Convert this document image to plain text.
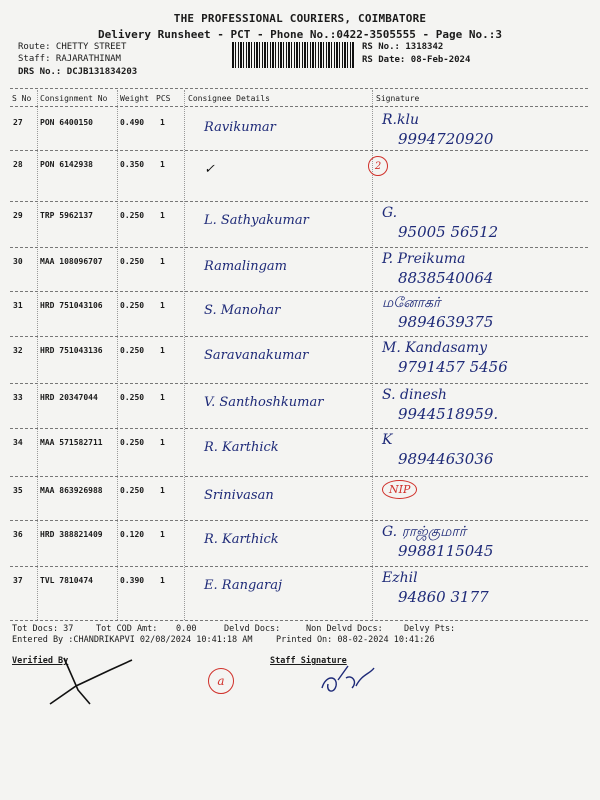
THE PROFESSIONAL COURIERS, COIMBATORE
Delivery Runsheet - PCT - Phone No.:0422-3505555 - Page No.:3
Route: CHETTY STREET
Staff: RAJARATHINAM
DRS No.: DCJB131834203
RS No.: 1318342
RS Date: 08-Feb-2024
S No Consignment No Weight PCS Consignee Details	Signature
27 PON 6400150	0.490 1	Ravikumar	R.klu
9994720920
28 PON 6142938	0.350 1	✓
29 TRP 5962137	0.250 1	L. Sathyakumar	G.
95005 56512
30 MAA 108096707 0.250 1	Ramalingam	P. Preikuma
8838540064
31 HRD 751043106 0.250 1	S. Manohar	மனோகர்
9894639375
32 HRD 751043136 0.250 1	Saravanakumar	M. Kandasamy
9791457 5456
33 HRD 20347044	0.250 1	V. Santhoshkumar	S. dinesh
9944518959.
34 MAA 571582711 0.250 1	R. Karthick	K
9894463036
35 MAA 863926988 0.250 1	Srinivasan	NIP
36 HRD 388821409 0.120 1	R. Karthick	G. ராஜ்குமார்
9988115045
37 TVL 7810474	0.390 1	E. Rangaraj	Ezhil
94860 3177
Tot Docs: 37	Tot COD Amt: 0.00	Delvd Docs:	Non Delvd Docs: Delvy Pts:
Entered By :CHANDRIKAPVI 02/08/2024 10:41:18 AM	Printed On: 08-02-2024 10:41:26
Verified By	Staff Signature
a
2
